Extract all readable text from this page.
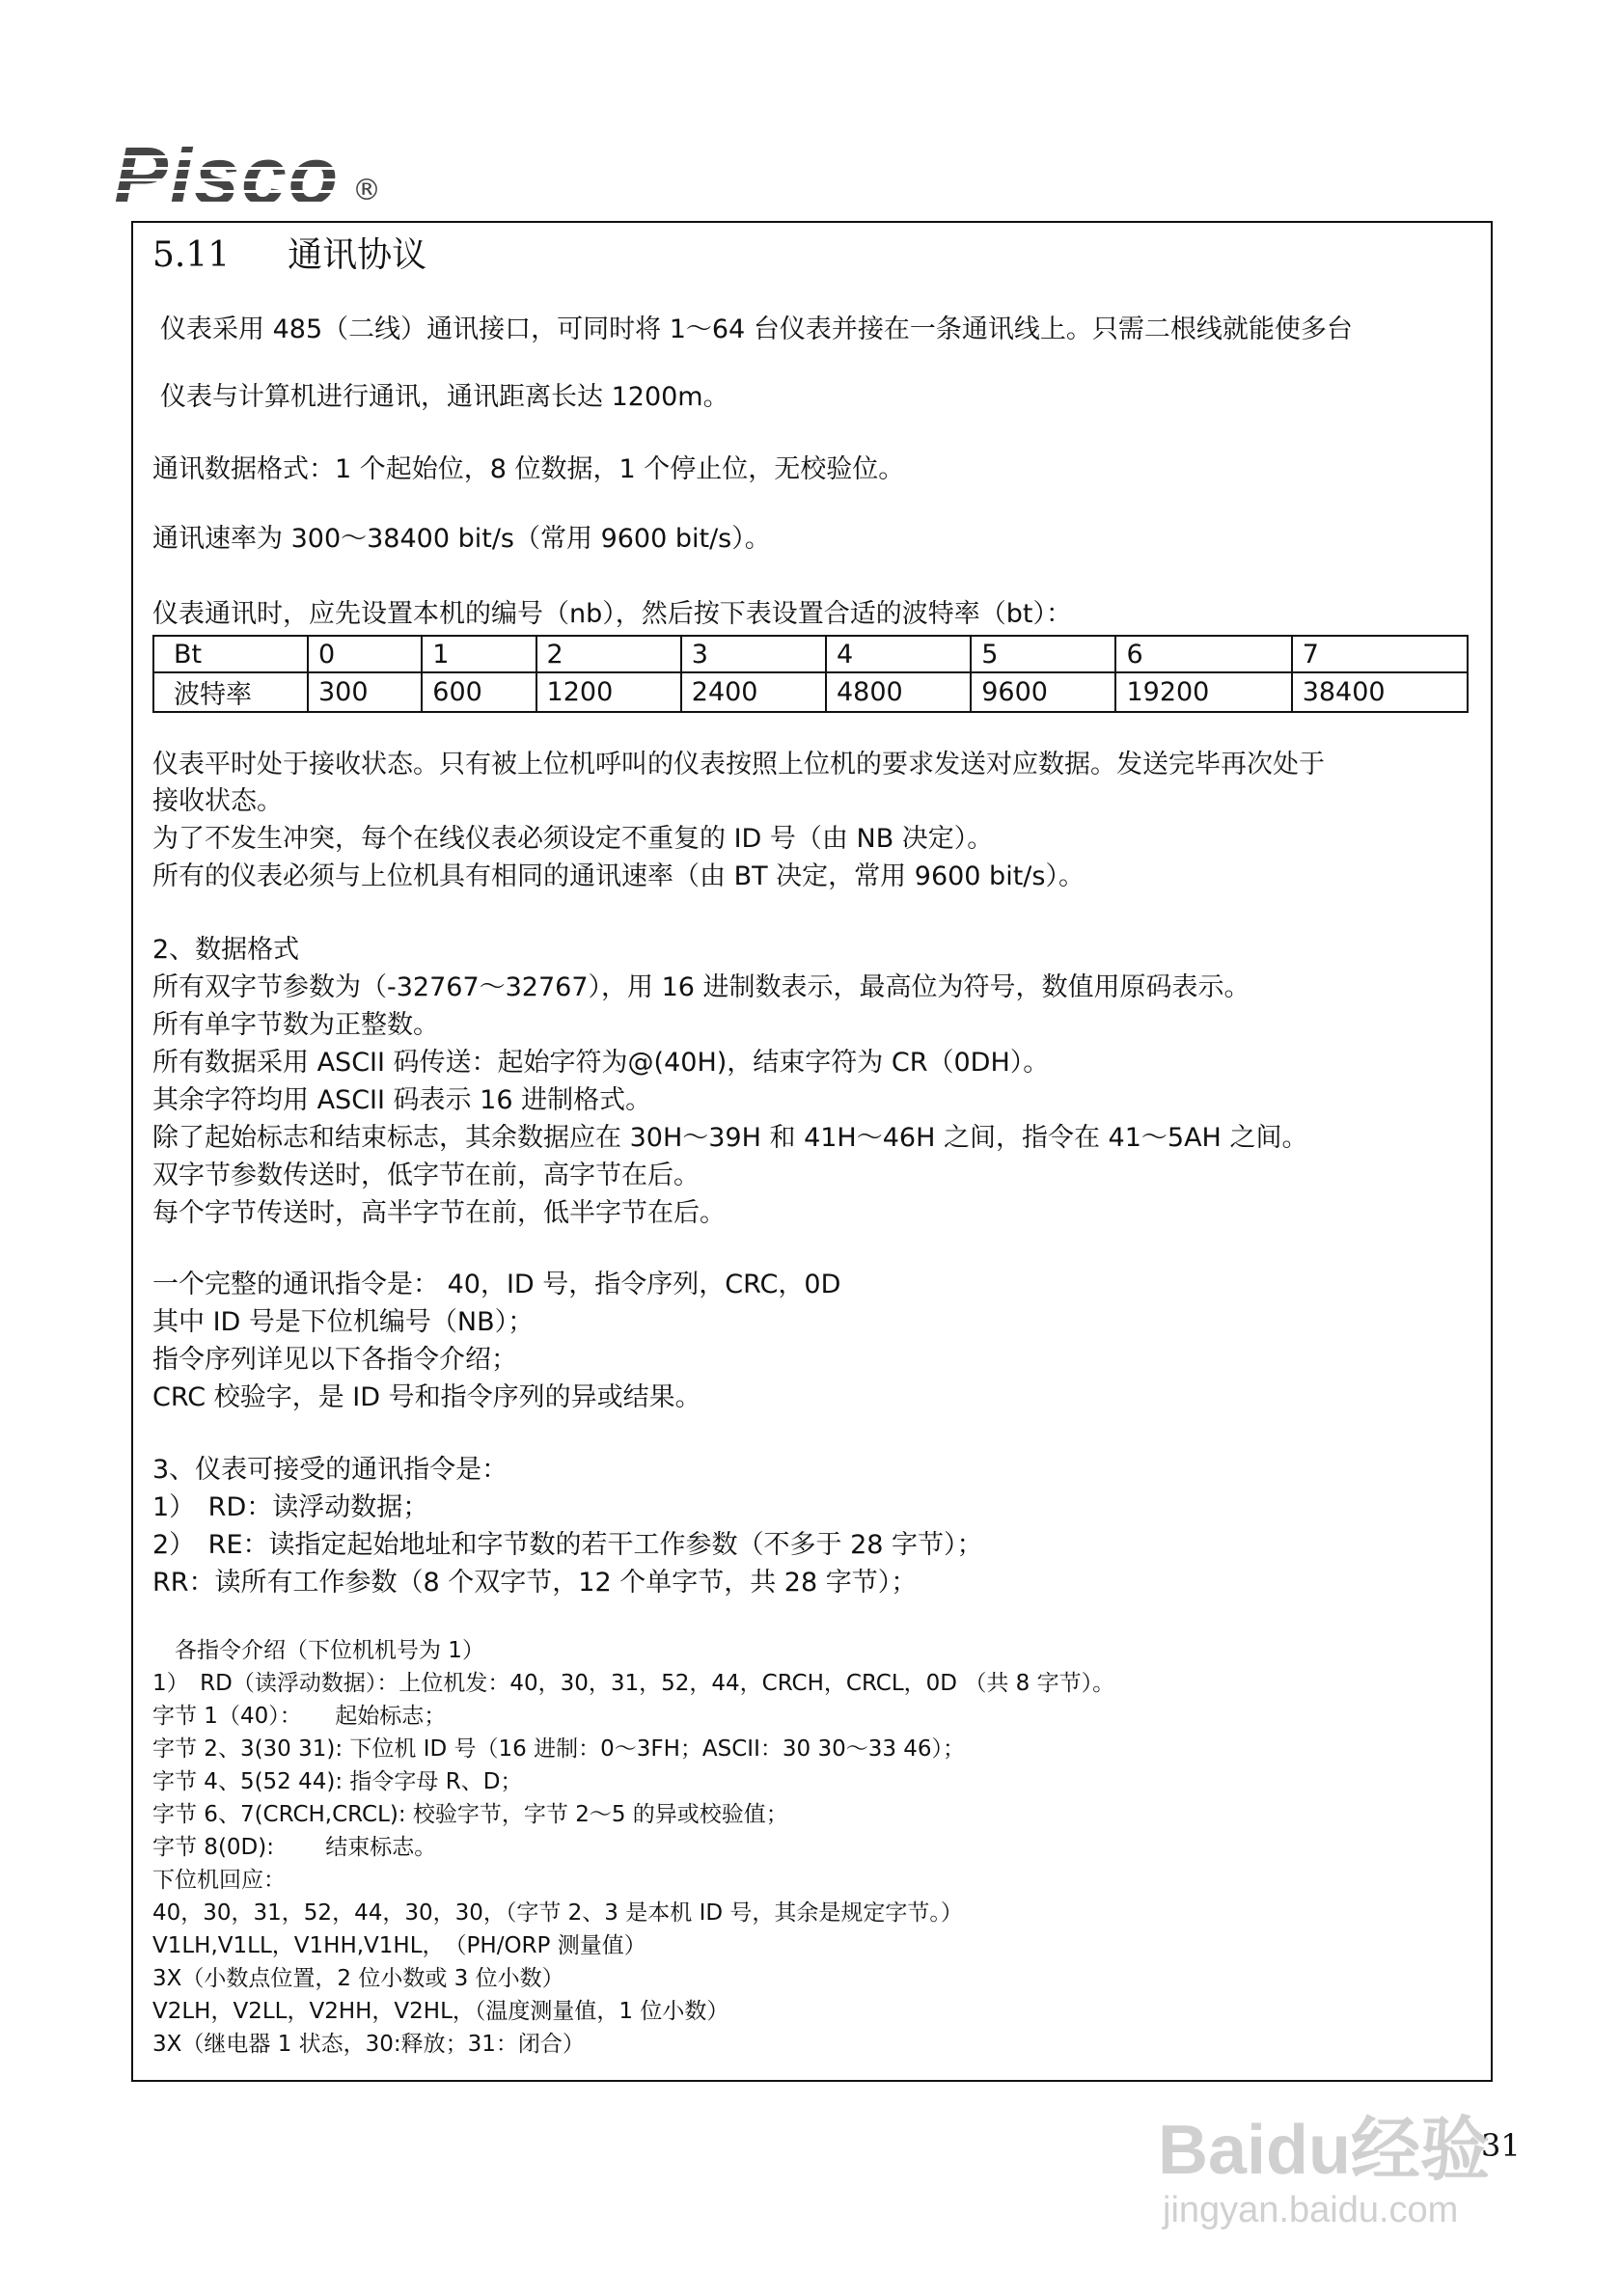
Pisco ®
5.11 通讯协议
仪表采用 485（二线）通讯接口，可同时将 1～64 台仪表并接在一条通讯线上。只需二根线就能使多台
仪表与计算机进行通讯，通讯距离长达 1200m。
通讯数据格式：1 个起始位，8 位数据，1 个停止位，无校验位。
通讯速率为 300～38400 bit/s（常用 9600 bit/s）。
仪表通讯时，应先设置本机的编号（nb），然后按下表设置合适的波特率（bt）：
Bt	0	1	2	3	4	5	6	7
波特率	300	600	1200	2400	4800	9600	19200	38400
仪表平时处于接收状态。只有被上位机呼叫的仪表按照上位机的要求发送对应数据。发送完毕再次处于
接收状态。
为了不发生冲突，每个在线仪表必须设定不重复的 ID 号（由 NB 决定）。
所有的仪表必须与上位机具有相同的通讯速率（由 BT 决定，常用 9600 bit/s）。
2、数据格式
所有双字节参数为（-32767～32767），用 16 进制数表示，最高位为符号，数值用原码表示。
所有单字节数为正整数。
所有数据采用 ASCII 码传送：起始字符为@(40H)，结束字符为 CR（0DH）。
其余字符均用 ASCII 码表示 16 进制格式。
除了起始标志和结束标志，其余数据应在 30H～39H 和 41H～46H 之间，指令在 41～5AH 之间。
双字节参数传送时，低字节在前，高字节在后。
每个字节传送时，高半字节在前，低半字节在后。
一个完整的通讯指令是： 40，ID 号，指令序列，CRC，0D
其中 ID 号是下位机编号（NB）；
指令序列详见以下各指令介绍；
CRC 校验字，是 ID 号和指令序列的异或结果。
3、仪表可接受的通讯指令是：
1）　RD：读浮动数据；
2）　RE：读指定起始地址和字节数的若干工作参数（不多于 28 字节）；
RR：读所有工作参数（8 个双字节，12 个单字节，共 28 字节）；
　各指令介绍（下位机机号为 1）
1）　RD（读浮动数据）：上位机发：40，30，31，52，44，CRCH，CRCL，0D （共 8 字节）。
字节 1（40）：　　起始标志；
字节 2、3(30 31): 下位机 ID 号（16 进制：0～3FH；ASCII：30 30～33 46）；
字节 4、5(52 44): 指令字母 R、D；
字节 6、7(CRCH,CRCL): 校验字节，字节 2～5 的异或校验值；
字节 8(0D):　　 结束标志。
下位机回应：
40，30，31，52，44，30，30，（字节 2、3 是本机 ID 号，其余是规定字节。）
V1LH,V1LL，V1HH,V1HL，　（PH/ORP 测量值）
3X（小数点位置，2 位小数或 3 位小数）
V2LH，V2LL，V2HH，V2HL，（温度测量值，1 位小数）
3X（继电器 1 状态，30:释放；31：闭合）
31
Baidu经验
jingyan.baidu.com
